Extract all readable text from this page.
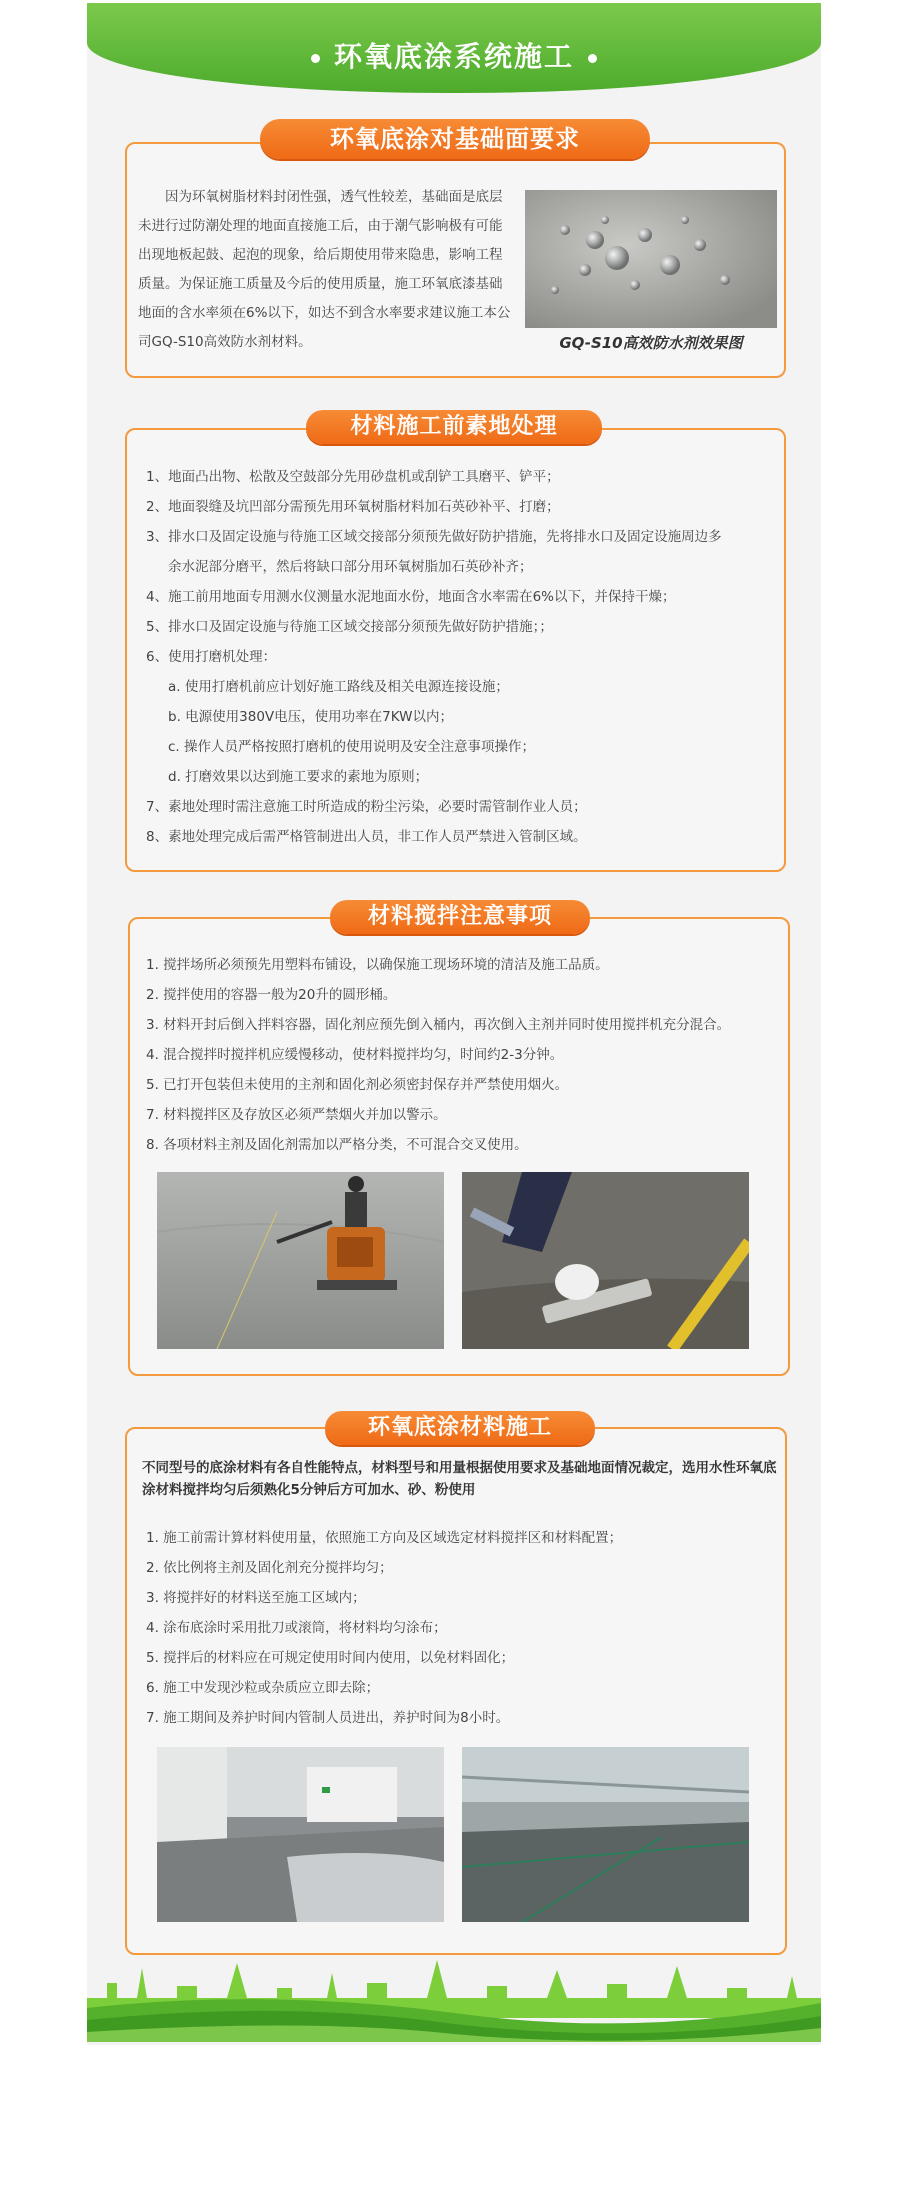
环氧底涂系统施工
环氧底涂对基础面要求
因为环氧树脂材料封闭性强，透气性较差，基础面是底层未进行过防潮处理的地面直接施工后，由于潮气影响极有可能出现地板起鼓、起泡的现象，给后期使用带来隐患，影响工程质量。为保证施工质量及今后的使用质量，施工环氧底漆基础地面的含水率须在6%以下，如达不到含水率要求建议施工本公司GQ-S10高效防水剂材料。	GQ-S10高效防水剂效果图
材料施工前素地处理
1、地面凸出物、松散及空鼓部分先用砂盘机或刮铲工具磨平、铲平；
2、地面裂缝及坑凹部分需预先用环氧树脂材料加石英砂补平、打磨；
3、排水口及固定设施与待施工区域交接部分须预先做好防护措施，先将排水口及固定设施周边多
余水泥部分磨平，然后将缺口部分用环氧树脂加石英砂补齐；
4、施工前用地面专用测水仪测量水泥地面水份，地面含水率需在6%以下，并保持干燥；
5、排水口及固定设施与待施工区域交接部分须预先做好防护措施；；
6、使用打磨机处理：
a. 使用打磨机前应计划好施工路线及相关电源连接设施；
b. 电源使用380V电压，使用功率在7KW以内；
c. 操作人员严格按照打磨机的使用说明及安全注意事项操作；
d. 打磨效果以达到施工要求的素地为原则；
7、素地处理时需注意施工时所造成的粉尘污染，必要时需管制作业人员；
8、素地处理完成后需严格管制进出人员，非工作人员严禁进入管制区域。
材料搅拌注意事项
1. 搅拌场所必须预先用塑料布铺设，以确保施工现场环境的清洁及施工品质。
2. 搅拌使用的容器一般为20升的圆形桶。
3. 材料开封后倒入拌料容器，固化剂应预先倒入桶内，再次倒入主剂并同时使用搅拌机充分混合。
4. 混合搅拌时搅拌机应缓慢移动，使材料搅拌均匀，时间约2-3分钟。
5. 已打开包装但未使用的主剂和固化剂必须密封保存并严禁使用烟火。
7. 材料搅拌区及存放区必须严禁烟火并加以警示。
8. 各项材料主剂及固化剂需加以严格分类，不可混合交叉使用。
环氧底涂材料施工
不同型号的底涂材料有各自性能特点，材料型号和用量根据使用要求及基础地面情况裁定，选用水性环氧底涂材料搅拌均匀后须熟化5分钟后方可加水、砂、粉使用
1. 施工前需计算材料使用量，依照施工方向及区域选定材料搅拌区和材料配置；
2. 依比例将主剂及固化剂充分搅拌均匀；
3. 将搅拌好的材料送至施工区域内；
4. 涂布底涂时采用批刀或滚筒，将材料均匀涂布；
5. 搅拌后的材料应在可规定使用时间内使用，以免材料固化；
6. 施工中发现沙粒或杂质应立即去除；
7. 施工期间及养护时间内管制人员进出，养护时间为8小时。
